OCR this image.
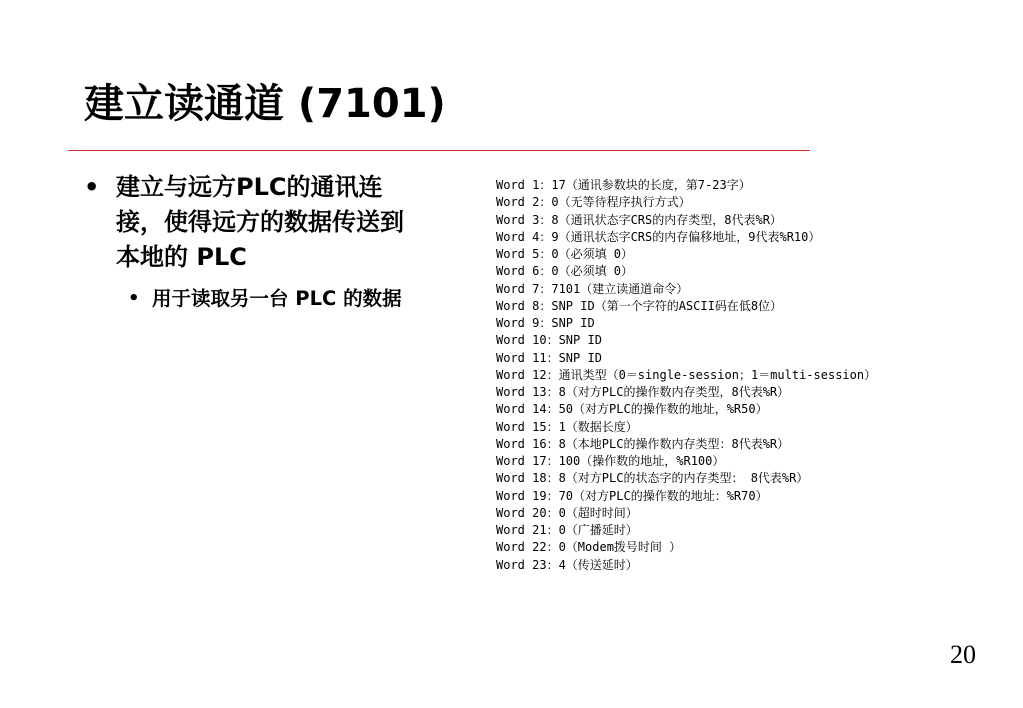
建立读通道 (7101)
• 建立与远方PLC的通讯连接，使得远方的数据传送到本地的 PLC
• 用于读取另一台 PLC 的数据
Word 1：17（通讯参数块的长度，第7-23字）
Word 2：0（无等待程序执行方式）
Word 3：8（通讯状态字CRS的内存类型，8代表%R）
Word 4：9（通讯状态字CRS的内存偏移地址，9代表%R10）
Word 5：0（必须填 0）
Word 6：0（必须填 0）
Word 7：7101（建立读通道命令）
Word 8：SNP ID（第一个字符的ASCII码在低8位）
Word 9：SNP ID
Word 10：SNP ID
Word 11：SNP ID
Word 12：通讯类型（0＝single-session；1＝multi-session）
Word 13：8（对方PLC的操作数内存类型，8代表%R）
Word 14：50（对方PLC的操作数的地址，%R50）
Word 15：1（数据长度）
Word 16：8（本地PLC的操作数内存类型：8代表%R）
Word 17：100（操作数的地址，%R100）
Word 18：8（对方PLC的状态字的内存类型： 8代表%R）
Word 19：70（对方PLC的操作数的地址：%R70）
Word 20：0（超时时间）
Word 21：0（广播延时）
Word 22：0（Modem拨号时间 ）
Word 23：4（传送延时）
20
